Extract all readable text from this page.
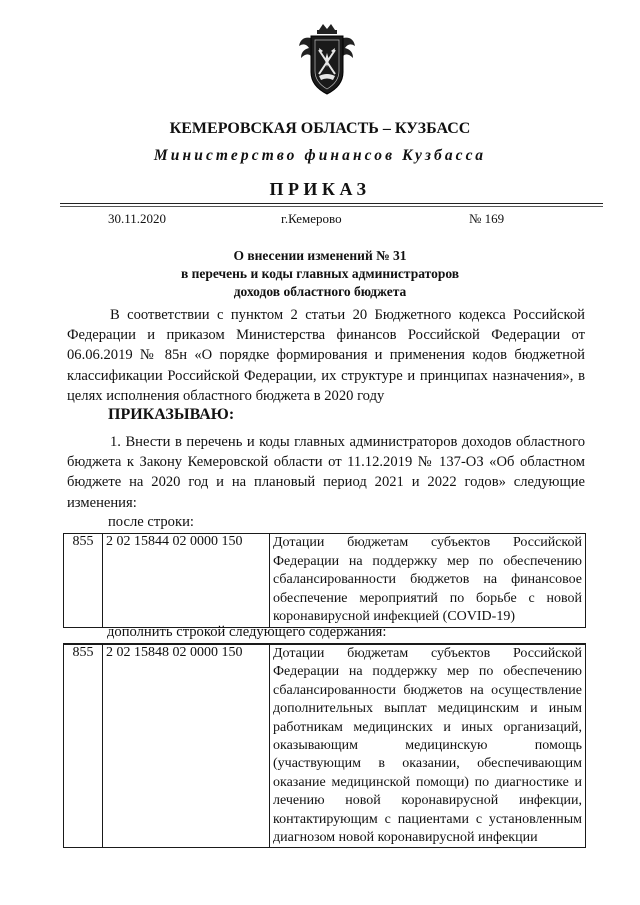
КЕМЕРОВСКАЯ ОБЛАСТЬ – КУЗБАСС
Министерство финансов Кузбасса
ПРИКАЗ
30.11.2020	г.Кемерово	№ 169
О внесении изменений № 31
в перечень и коды главных администраторов
доходов областного бюджета

В соответствии с пунктом 2 статьи 20 Бюджетного кодекса Российской Федерации и приказом Министерства финансов Российской Федерации от 06.06.2019 № 85н «О порядке формирования и применения кодов бюджетной классификации Российской Федерации, их структуре и принципах назначения», в целях исполнения областного бюджета в 2020 году

ПРИКАЗЫВАЮ:

1. Внести в перечень и коды главных администраторов доходов областного бюджета к Закону Кемеровской области от 11.12.2019 № 137-ОЗ «Об областном бюджете на 2020 год и на плановый период 2021 и 2022 годов» следующие изменения:

после строки:
855	2 02 15844 02 0000 150	Дотации бюджетам субъектов Российской Федерации на поддержку мер по обеспечению сбалансированности бюджетов на финансовое обеспечение мероприятий по борьбе с новой коронавирусной инфекцией (COVID-19)
дополнить строкой следующего содержания:
855	2 02 15848 02 0000 150	Дотации бюджетам субъектов Российской Федерации на поддержку мер по обеспечению сбалансированности бюджетов на осуществление дополнительных выплат медицинским и иным работникам медицинских и иных организаций, оказывающим медицинскую помощь (участвующим в оказании, обеспечивающим оказание медицинской помощи) по диагностике и лечению новой коронавирусной инфекции, контактирующим с пациентами с установленным диагнозом новой коронавирусной инфекции
